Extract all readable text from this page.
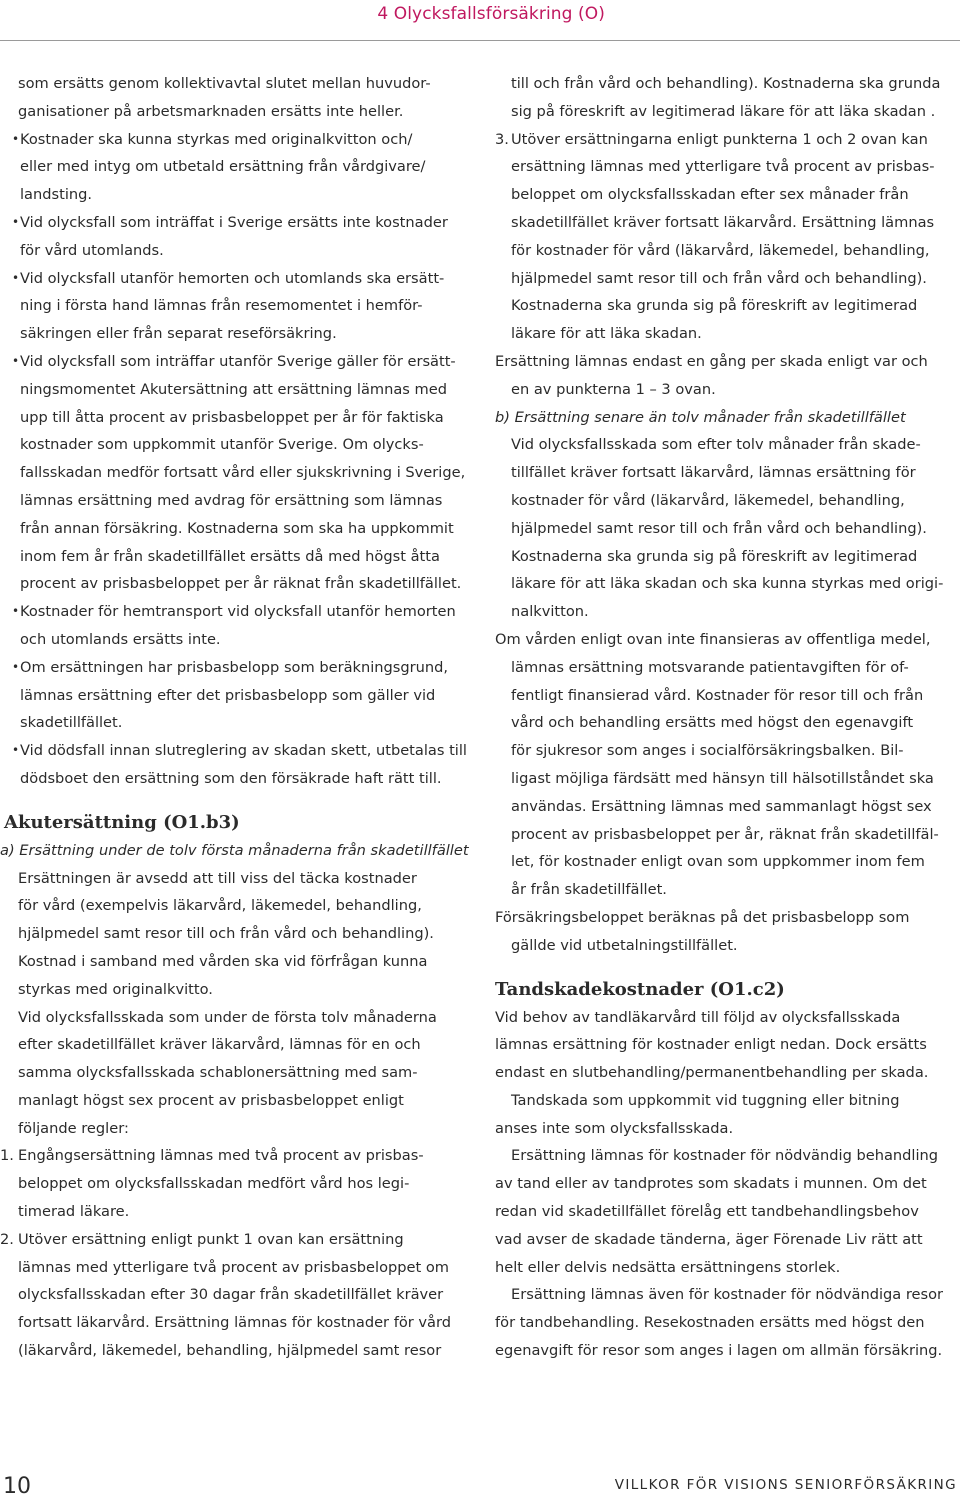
4 Olycksfallsförsäkring (O)
som ersätts genom kollektivavtal slutet mellan huvudor-
ganisationer på arbetsmarknaden ersätts inte heller.
• Kostnader ska kunna styrkas med originalkvitton och/
eller med intyg om utbetald ersättning från vårdgivare/
landsting.
• Vid olycksfall som inträffat i Sverige ersätts inte kostnader
för vård utomlands.
• Vid olycksfall utanför hemorten och utomlands ska ersätt-
ning i första hand lämnas från resemomentet i hemför-
säkringen eller från separat reseförsäkring.
• Vid olycksfall som inträffar utanför Sverige gäller för ersätt-
ningsmomentet Akutersättning att ersättning lämnas med
upp till åtta procent av prisbasbeloppet per år för faktiska
kostnader som uppkommit utanför Sverige. Om olycks-
fallsskadan medför fortsatt vård eller sjukskrivning i Sverige,
lämnas ersättning med avdrag för ersättning som lämnas
från annan försäkring. Kostnaderna som ska ha uppkommit
inom fem år från skadetillfället ersätts då med högst åtta
procent av prisbasbeloppet per år räknat från skadetillfället.
• Kostnader för hemtransport vid olycksfall utanför hemorten
och utomlands ersätts inte.
• Om ersättningen har prisbasbelopp som beräkningsgrund,
lämnas ersättning efter det prisbasbelopp som gäller vid
skadetillfället.
• Vid dödsfall innan slutreglering av skadan skett, utbetalas till
dödsboet den ersättning som den försäkrade haft rätt till.
Akutersättning (O1.b3)
a) Ersättning under de tolv första månaderna från skadetillfället
Ersättningen är avsedd att till viss del täcka kostnader
för vård (exempelvis läkarvård, läkemedel, behandling,
hjälpmedel samt resor till och från vård och behandling).
Kostnad i samband med vården ska vid förfrågan kunna
styrkas med originalkvitto.
Vid olycksfallsskada som under de första tolv månaderna
efter skadetillfället kräver läkarvård, lämnas för en och
samma olycksfallsskada schablonersättning med sam-
manlagt högst sex procent av prisbasbeloppet enligt
följande regler:
Engångsersättning lämnas med två procent av prisbas-
beloppet om olycksfallsskadan medfört vård hos legi-
timerad läkare.
1.
Utöver ersättning enligt punkt 1 ovan kan ersättning
lämnas med ytterligare två procent av prisbasbeloppet om
olycksfallsskadan efter 30 dagar från skadetillfället kräver
fortsatt läkarvård. Ersättning lämnas för kostnader för vård
(läkarvård, läkemedel, behandling, hjälpmedel samt resor
2.
till och från vård och behandling). Kostnaderna ska grunda
sig på föreskrift av legitimerad läkare för att läka skadan .
Utöver ersättningarna enligt punkterna 1 och 2 ovan kan
ersättning lämnas med ytterligare två procent av prisbas-
beloppet om olycksfallsskadan efter sex månader från
skadetillfället kräver fortsatt läkarvård. Ersättning lämnas
för kostnader för vård (läkarvård, läkemedel, behandling,
hjälpmedel samt resor till och från vård och behandling).
Kostnaderna ska grunda sig på föreskrift av legitimerad
läkare för att läka skadan.
3.
Ersättning lämnas endast en gång per skada enligt var och
en av punkterna 1 – 3 ovan.
b) Ersättning senare än tolv månader från skadetillfället
Vid olycksfallsskada som efter tolv månader från skade-
tillfället kräver fortsatt läkarvård, lämnas ersättning för
kostnader för vård (läkarvård, läkemedel, behandling,
hjälpmedel samt resor till och från vård och behandling).
Kostnaderna ska grunda sig på föreskrift av legitimerad
läkare för att läka skadan och ska kunna styrkas med origi-
nalkvitton.
Om vården enligt ovan inte finansieras av offentliga medel,
lämnas ersättning motsvarande patientavgiften för of-
fentligt finansierad vård. Kostnader för resor till och från
vård och behandling ersätts med högst den egenavgift
för sjukresor som anges i socialförsäkringsbalken. Bil-
ligast möjliga färdsätt med hänsyn till hälsotillståndet ska
användas. Ersättning lämnas med sammanlagt högst sex
procent av prisbasbeloppet per år, räknat från skadetillfäl-
let, för kostnader enligt ovan som uppkommer inom fem
år från skadetillfället.
Försäkringsbeloppet beräknas på det prisbasbelopp som
gällde vid utbetalningstillfället.
Tandskadekostnader (O1.c2)
Vid behov av tandläkarvård till följd av olycksfallsskada
lämnas ersättning för kostnader enligt nedan. Dock ersätts
endast en slutbehandling/permanentbehandling per skada.
Tandskada som uppkommit vid tuggning eller bitning
anses inte som olycksfallsskada.
Ersättning lämnas för kostnader för nödvändig behandling
av tand eller av tandprotes som skadats i munnen. Om det
redan vid skadetillfället förelåg ett tandbehandlingsbehov
vad avser de skadade tänderna, äger Förenade Liv rätt att
helt eller delvis nedsätta ersättningens storlek.
Ersättning lämnas även för kostnader för nödvändiga resor
för tandbehandling. Resekostnaden ersätts med högst den
egenavgift för resor som anges i lagen om allmän försäkring.
10	VILLKOR FÖR VISIONS SENIORFÖRSÄKRING
